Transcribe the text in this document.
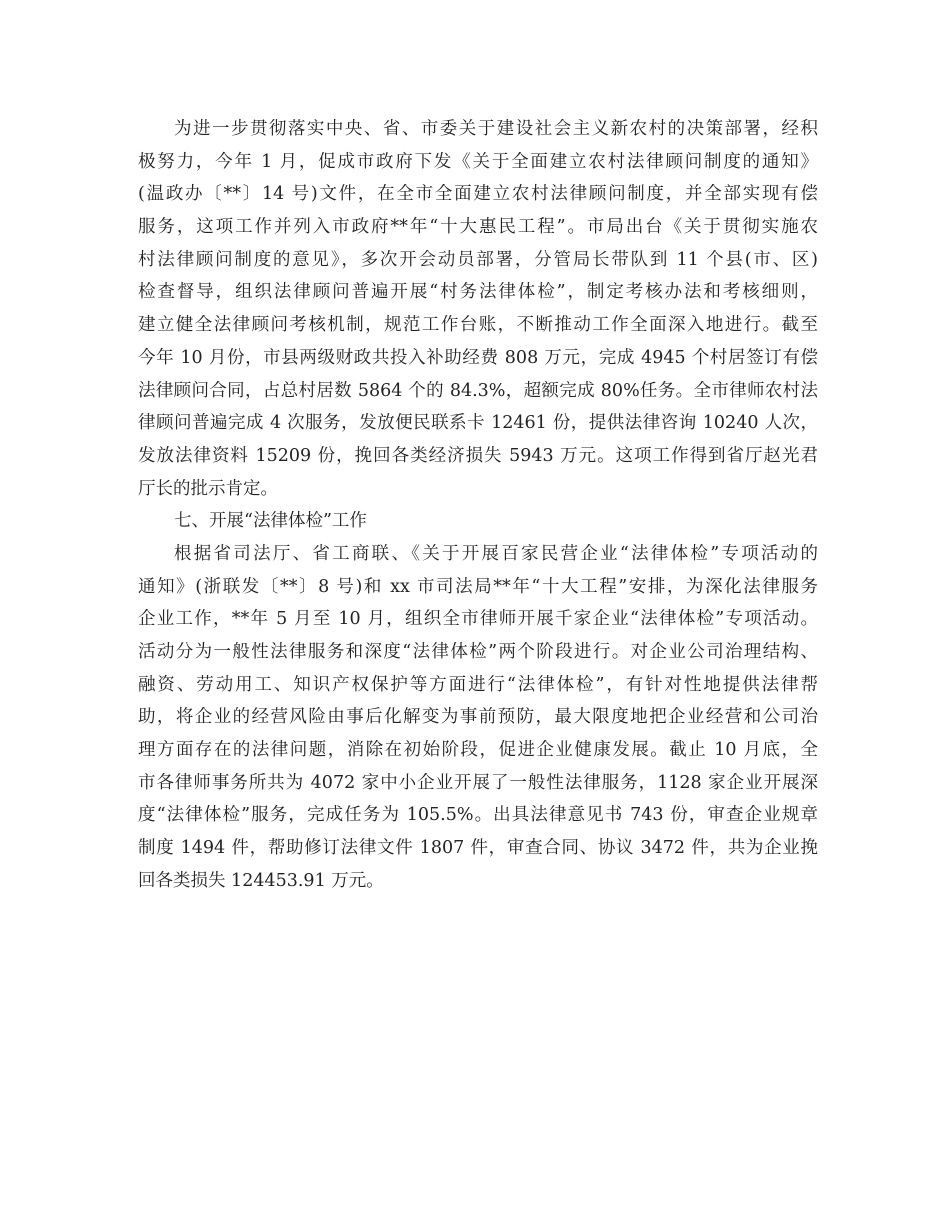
为进一步贯彻落实中央、省、市委关于建设社会主义新农村的决策部署，经积
极努力，今年 1 月，促成市政府下发《关于全面建立农村法律顾问制度的通知》
(温政办〔**〕14 号)文件，在全市全面建立农村法律顾问制度，并全部实现有偿
服务，这项工作并列入市政府**年“十大惠民工程”。市局出台《关于贯彻实施农
村法律顾问制度的意见》，多次开会动员部署，分管局长带队到 11 个县(市、区)
检查督导，组织法律顾问普遍开展“村务法律体检”，制定考核办法和考核细则，
建立健全法律顾问考核机制，规范工作台账，不断推动工作全面深入地进行。截至
今年 10 月份，市县两级财政共投入补助经费 808 万元，完成 4945 个村居签订有偿
法律顾问合同，占总村居数 5864 个的 84.3%，超额完成 80%任务。全市律师农村法
律顾问普遍完成 4 次服务，发放便民联系卡 12461 份，提供法律咨询 10240 人次，
发放法律资料 15209 份，挽回各类经济损失 5943 万元。这项工作得到省厅赵光君
厅长的批示肯定。
七、开展“法律体检”工作
根据省司法厅、省工商联、《关于开展百家民营企业“法律体检”专项活动的
通知》(浙联发〔**〕8 号)和 xx 市司法局**年“十大工程”安排，为深化法律服务
企业工作，**年 5 月至 10 月，组织全市律师开展千家企业“法律体检”专项活动。
活动分为一般性法律服务和深度“法律体检”两个阶段进行。对企业公司治理结构、
融资、劳动用工、知识产权保护等方面进行“法律体检”，有针对性地提供法律帮
助，将企业的经营风险由事后化解变为事前预防，最大限度地把企业经营和公司治
理方面存在的法律问题，消除在初始阶段，促进企业健康发展。截止 10 月底，全
市各律师事务所共为 4072 家中小企业开展了一般性法律服务，1128 家企业开展深
度“法律体检”服务，完成任务为 105.5%。出具法律意见书 743 份，审查企业规章
制度 1494 件，帮助修订法律文件 1807 件，审查合同、协议 3472 件，共为企业挽
回各类损失 124453.91 万元。
